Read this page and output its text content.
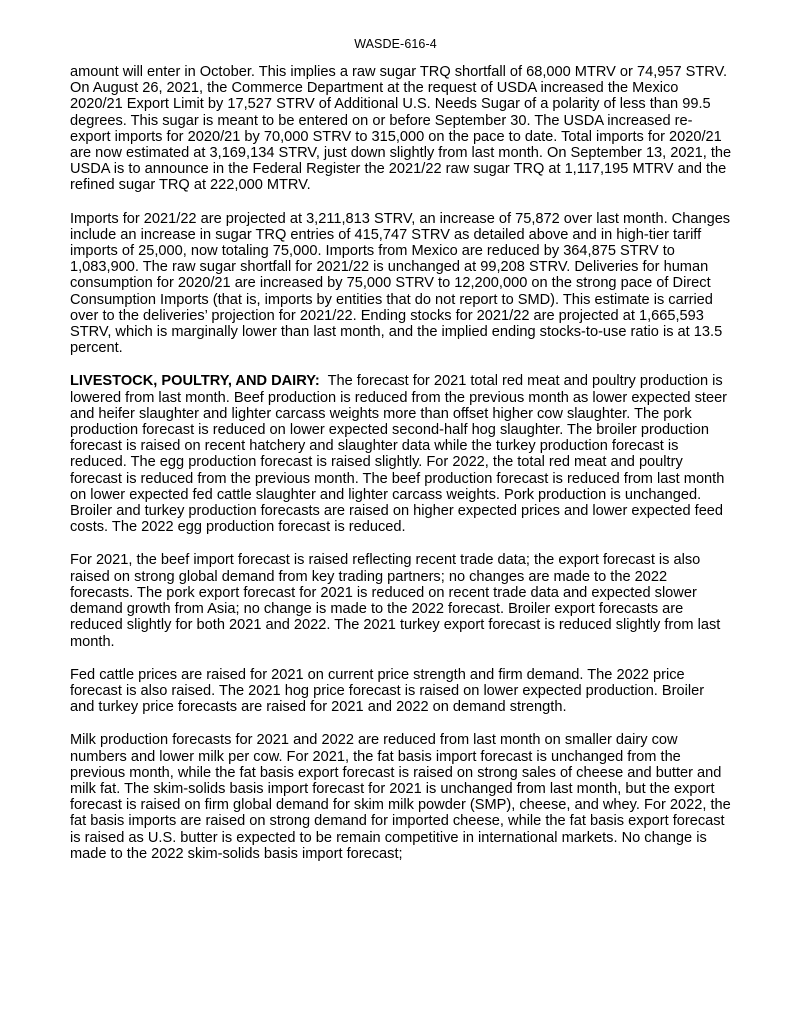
WASDE-616-4

amount will enter in October. This implies a raw sugar TRQ shortfall of 68,000 MTRV or 74,957 STRV. On August 26, 2021, the Commerce Department at the request of USDA increased the Mexico 2020/21 Export Limit by 17,527 STRV of Additional U.S. Needs Sugar of a polarity of less than 99.5 degrees. This sugar is meant to be entered on or before September 30. The USDA increased re-export imports for 2020/21 by 70,000 STRV to 315,000 on the pace to date. Total imports for 2020/21 are now estimated at 3,169,134 STRV, just down slightly from last month. On September 13, 2021, the USDA is to announce in the Federal Register the 2021/22 raw sugar TRQ at 1,117,195 MTRV and the refined sugar TRQ at 222,000 MTRV.

Imports for 2021/22 are projected at 3,211,813 STRV, an increase of 75,872 over last month. Changes include an increase in sugar TRQ entries of 415,747 STRV as detailed above and in high-tier tariff imports of 25,000, now totaling 75,000. Imports from Mexico are reduced by 364,875 STRV to 1,083,900. The raw sugar shortfall for 2021/22 is unchanged at 99,208 STRV. Deliveries for human consumption for 2020/21 are increased by 75,000 STRV to 12,200,000 on the strong pace of Direct Consumption Imports (that is, imports by entities that do not report to SMD). This estimate is carried over to the deliveries’ projection for 2021/22. Ending stocks for 2021/22 are projected at 1,665,593 STRV, which is marginally lower than last month, and the implied ending stocks-to-use ratio is at 13.5 percent.

LIVESTOCK, POULTRY, AND DAIRY: The forecast for 2021 total red meat and poultry production is lowered from last month. Beef production is reduced from the previous month as lower expected steer and heifer slaughter and lighter carcass weights more than offset higher cow slaughter. The pork production forecast is reduced on lower expected second-half hog slaughter. The broiler production forecast is raised on recent hatchery and slaughter data while the turkey production forecast is reduced. The egg production forecast is raised slightly. For 2022, the total red meat and poultry forecast is reduced from the previous month. The beef production forecast is reduced from last month on lower expected fed cattle slaughter and lighter carcass weights. Pork production is unchanged. Broiler and turkey production forecasts are raised on higher expected prices and lower expected feed costs. The 2022 egg production forecast is reduced.

For 2021, the beef import forecast is raised reflecting recent trade data; the export forecast is also raised on strong global demand from key trading partners; no changes are made to the 2022 forecasts. The pork export forecast for 2021 is reduced on recent trade data and expected slower demand growth from Asia; no change is made to the 2022 forecast. Broiler export forecasts are reduced slightly for both 2021 and 2022. The 2021 turkey export forecast is reduced slightly from last month.

Fed cattle prices are raised for 2021 on current price strength and firm demand. The 2022 price forecast is also raised. The 2021 hog price forecast is raised on lower expected production. Broiler and turkey price forecasts are raised for 2021 and 2022 on demand strength.

Milk production forecasts for 2021 and 2022 are reduced from last month on smaller dairy cow numbers and lower milk per cow. For 2021, the fat basis import forecast is unchanged from the previous month, while the fat basis export forecast is raised on strong sales of cheese and butter and milk fat. The skim-solids basis import forecast for 2021 is unchanged from last month, but the export forecast is raised on firm global demand for skim milk powder (SMP), cheese, and whey. For 2022, the fat basis imports are raised on strong demand for imported cheese, while the fat basis export forecast is raised as U.S. butter is expected to be remain competitive in international markets. No change is made to the 2022 skim-solids basis import forecast;
